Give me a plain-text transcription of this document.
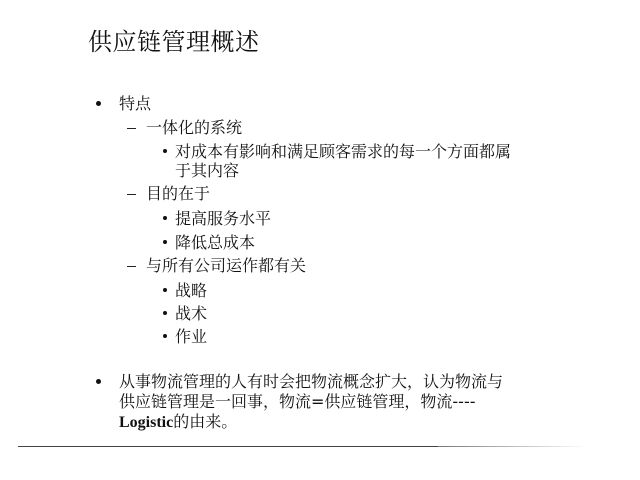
供应链管理概述
特点
一体化的系统
对成本有影响和满足顾客需求的每一个方面都属
于其内容
目的在于
提高服务水平
降低总成本
与所有公司运作都有关
战略
战术
作业
从事物流管理的人有时会把物流概念扩大，认为物流与
供应链管理是一回事，物流=供应链管理，物流----
Logistic的由来。
